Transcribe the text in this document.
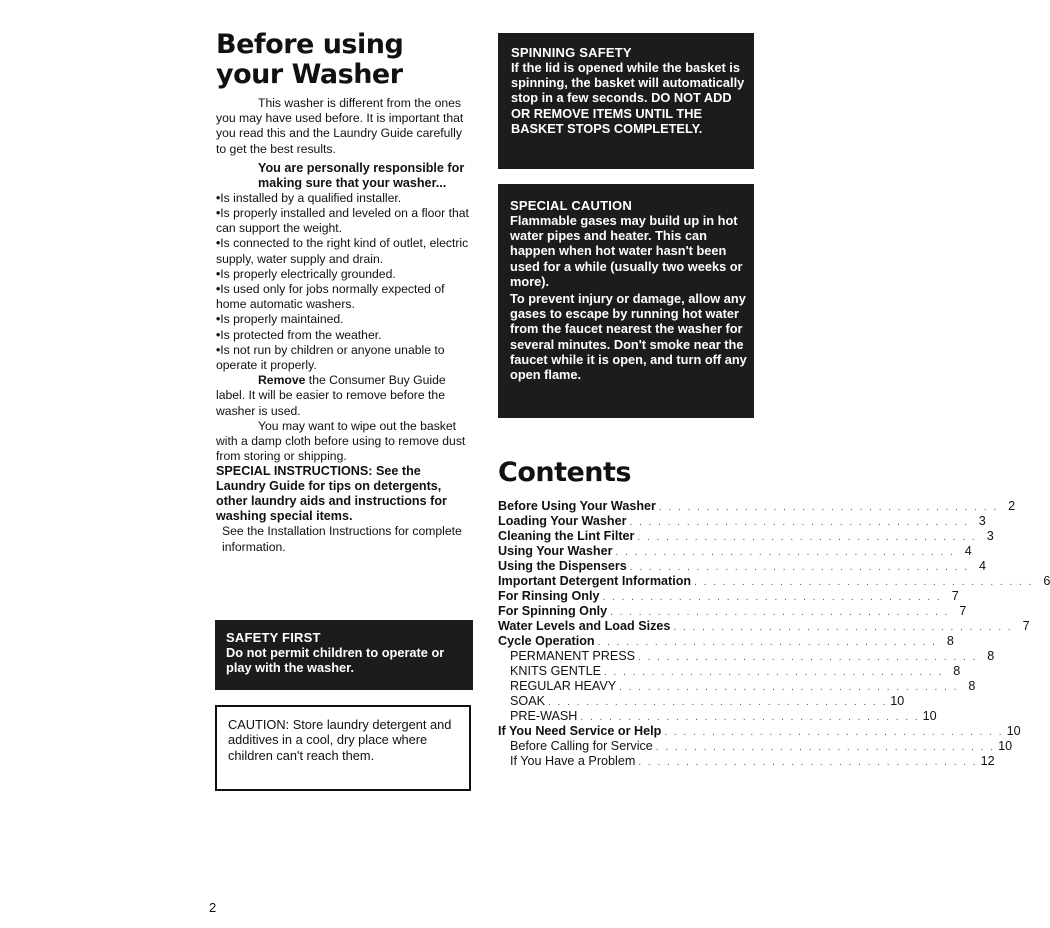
Before using
your Washer

This washer is different from the ones you may have used before. It is important that you read this and the Laundry Guide carefully to get the best results.

You are personally responsible for making sure that your washer...

• Is installed by a qualified installer.

• Is properly installed and leveled on a floor that can support the weight.

• Is connected to the right kind of outlet, electric supply, water supply and drain.

• Is properly electrically grounded.

• Is used only for jobs normally expected of home automatic washers.

• Is properly maintained.

• Is protected from the weather.

• Is not run by children or anyone unable to operate it properly.

Remove the Consumer Buy Guide label. It will be easier to remove before the washer is used.

You may want to wipe out the basket with a damp cloth before using to remove dust from storing or shipping.

SPECIAL INSTRUCTIONS: See the Laundry Guide for tips on detergents, other laundry aids and instructions for washing special items.

See the Installation Instructions for complete information.

SAFETY FIRST
Do not permit children to operate or play with the washer.
CAUTION: Store laundry detergent and additives in a cool, dry place where children can't reach them.
SPINNING SAFETY
If the lid is opened while the basket is spinning, the basket will automatically stop in a few seconds. DO NOT ADD OR REMOVE ITEMS UNTIL THE BASKET STOPS COMPLETELY.
SPECIAL CAUTION
Flammable gases may build up in hot water pipes and heater. This can happen when hot water hasn't been used for a while (usually two weeks or more).
To prevent injury or damage, allow any gases to escape by running hot water from the faucet nearest the washer for several minutes. Don't smoke near the faucet while it is open, and turn off any open flame.
Contents
Before Using Your Washer . . . . . . . . . . . . . . . . . . . . . . . . . . . . . . . . . . . . 2
Loading Your Washer . . . . . . . . . . . . . . . . . . . . . . . . . . . . . . . . . . . . 3
Cleaning the Lint Filter . . . . . . . . . . . . . . . . . . . . . . . . . . . . . . . . . . . . 3
Using Your Washer . . . . . . . . . . . . . . . . . . . . . . . . . . . . . . . . . . . . 4
Using the Dispensers . . . . . . . . . . . . . . . . . . . . . . . . . . . . . . . . . . . . 4
Important Detergent Information . . . . . . . . . . . . . . . . . . . . . . . . . . . . . . . . . . . . 6
For Rinsing Only . . . . . . . . . . . . . . . . . . . . . . . . . . . . . . . . . . . . 7
For Spinning Only . . . . . . . . . . . . . . . . . . . . . . . . . . . . . . . . . . . . 7
Water Levels and Load Sizes . . . . . . . . . . . . . . . . . . . . . . . . . . . . . . . . . . . . 7
Cycle Operation . . . . . . . . . . . . . . . . . . . . . . . . . . . . . . . . . . . . 8
PERMANENT PRESS . . . . . . . . . . . . . . . . . . . . . . . . . . . . . . . . . . . . 8
KNITS GENTLE . . . . . . . . . . . . . . . . . . . . . . . . . . . . . . . . . . . . 8
REGULAR HEAVY . . . . . . . . . . . . . . . . . . . . . . . . . . . . . . . . . . . . 8
SOAK . . . . . . . . . . . . . . . . . . . . . . . . . . . . . . . . . . . . 10
PRE-WASH . . . . . . . . . . . . . . . . . . . . . . . . . . . . . . . . . . . . 10
If You Need Service or Help . . . . . . . . . . . . . . . . . . . . . . . . . . . . . . . . . . . . 10
Before Calling for Service . . . . . . . . . . . . . . . . . . . . . . . . . . . . . . . . . . . . 10
If You Have a Problem . . . . . . . . . . . . . . . . . . . . . . . . . . . . . . . . . . . . 12
2
